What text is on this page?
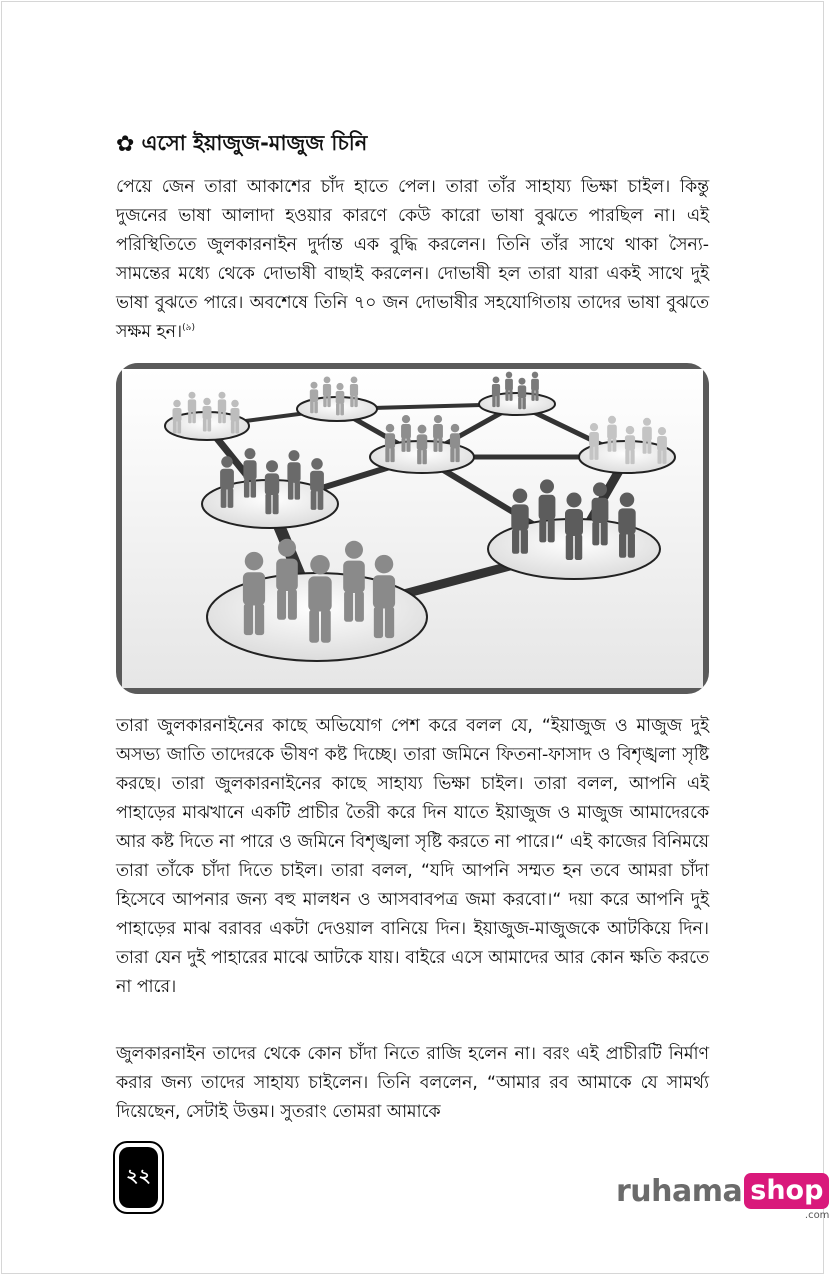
✿ এসো ইয়াজুজ-মাজুজ চিনি

পেয়ে জেন তারা আকাশের চাঁদ হাতে পেল। তারা তাঁর সাহায্য ভিক্ষা চাইল। কিন্তু দুজনের ভাষা আলাদা হওয়ার কারণে কেউ কারো ভাষা বুঝতে পারছিল না। এই পরিস্থিতিতে জুলকারনাইন দুর্দান্ত এক বুদ্ধি করলেন। তিনি তাঁর সাথে থাকা সৈন্য-সামন্তের মধ্যে থেকে দোভাষী বাছাই করলেন। দোভাষী হল তারা যারা একই সাথে দুই ভাষা বুঝতে পারে। অবশেষে তিনি ৭০ জন দোভাষীর সহযোগিতায় তাদের ভাষা বুঝতে সক্ষম হন।$^{(৯)}$

তারা জুলকারনাইনের কাছে অভিযোগ পেশ করে বলল যে, “ইয়াজুজ ও মাজুজ দুই অসভ্য জাতি তাদেরকে ভীষণ কষ্ট দিচ্ছে। তারা জমিনে ফিতনা-ফাসাদ ও বিশৃঙ্খলা সৃষ্টি করছে। তারা জুলকারনাইনের কাছে সাহায্য ভিক্ষা চাইল। তারা বলল, আপনি এই পাহাড়ের মাঝখানে একটি প্রাচীর তৈরী করে দিন যাতে ইয়াজুজ ও মাজুজ আমাদেরকে আর কষ্ট দিতে না পারে ও জমিনে বিশৃঙ্খলা সৃষ্টি করতে না পারে।“ এই কাজের বিনিময়ে তারা তাঁকে চাঁদা দিতে চাইল। তারা বলল, “যদি আপনি সম্মত হন তবে আমরা চাঁদা হিসেবে আপনার জন্য বহু মালধন ও আসবাবপত্র জমা করবো।“ দয়া করে আপনি দুই পাহাড়ের মাঝ বরাবর একটা দেওয়াল বানিয়ে দিন। ইয়াজুজ-মাজুজকে আটকিয়ে দিন। তারা যেন দুই পাহারের মাঝে আটকে যায়। বাইরে এসে আমাদের আর কোন ক্ষতি করতে না পারে।

জুলকারনাইন তাদের থেকে কোন চাঁদা নিতে রাজি হলেন না। বরং এই প্রাচীরটি নির্মাণ করার জন্য তাদের সাহায্য চাইলেন। তিনি বললেন, “আমার রব আমাকে যে সামর্থ্য দিয়েছেন, সেটাই উত্তম। সুতরাং তোমরা আমাকে

২২	ruhama shop
.com
